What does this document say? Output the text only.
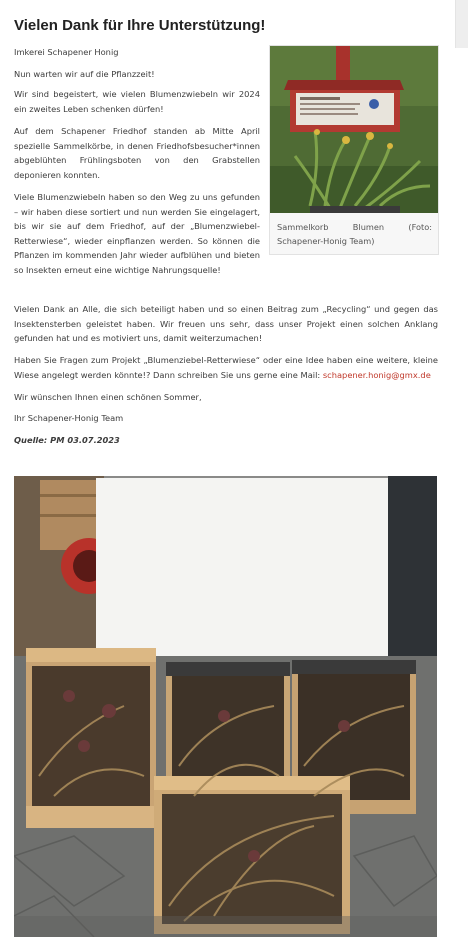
Vielen Dank für Ihre Unterstützung!

Imkerei Schapener Honig

Nun warten wir auf die Pflanzzeit!

Wir sind begeistert, wie vielen Blumenzwiebeln wir 2024 ein zweites Leben schenken dürfen!

Auf dem Schapener Friedhof standen ab Mitte April spezielle Sammelkörbe, in denen Friedhofsbesucher*innen abgeblühten Frühlingsboten von den Grabstellen deponieren konnten.

Viele Blumenzwiebeln haben so den Weg zu uns gefunden – wir haben diese sortiert und nun werden Sie eingelagert, bis wir sie auf dem Friedhof, auf der „Blumenzwiebel-Retterwiese“, wieder einpflanzen werden. So können die Pflanzen im kommenden Jahr wieder aufblühen und bieten so Insekten erneut eine wichtige Nahrungsquelle!

Sammelkorb Blumen (Foto: Schapener-Honig Team)

Vielen Dank an Alle, die sich beteiligt haben und so einen Beitrag zum „Recycling“ und gegen das Insektensterben geleistet haben. Wir freuen uns sehr, dass unser Projekt einen solchen Anklang gefunden hat und es motiviert uns, damit weiterzumachen!

Haben Sie Fragen zum Projekt „Blumenziebel-Retterwiese“ oder eine Idee haben eine weitere, kleine Wiese angelegt werden könnte!? Dann schreiben Sie uns gerne eine Mail: schapener.honig@gmx.de

Wir wünschen Ihnen einen schönen Sommer,

Ihr Schapener-Honig Team

Quelle: PM 03.07.2023
